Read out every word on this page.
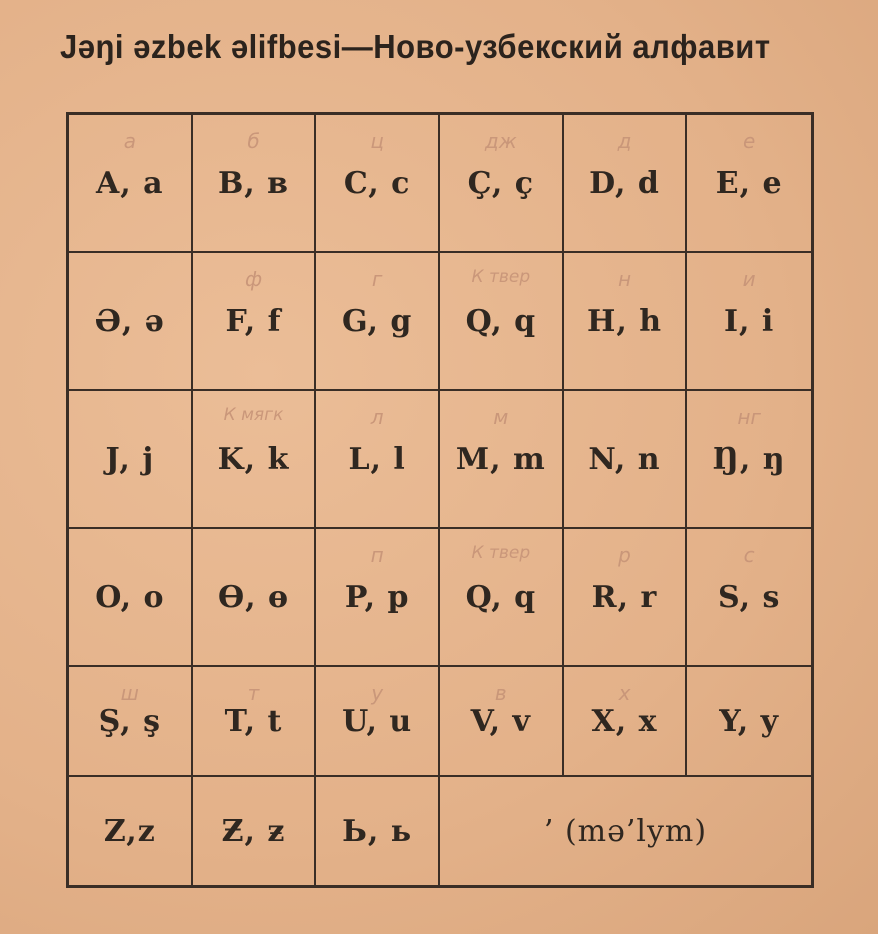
Jəŋi əzbek əlifbesi—Ново-узбекский алфавит
а
A, a
б
B, в
ц
C, c
дж
Ç, ç
д
D, d
е
E, e
Ə, ə
ф
F, f
г
G, g
К твер
Q, q
н
H, h
и
I, i
J, j
К мягк
K, k
л
L, l
м
M, m N, n
нг
Ŋ, ŋ
O, o Ɵ, ɵ
п
P, p
К твер
Q, q
р
R, r
с
S, s
ш
Ş, ş
т
T, t
у
U, u
в
V, v
х
X, x Y, y
Z,z Ƶ, ƶ Ь, ь	’ (mə’lym)
